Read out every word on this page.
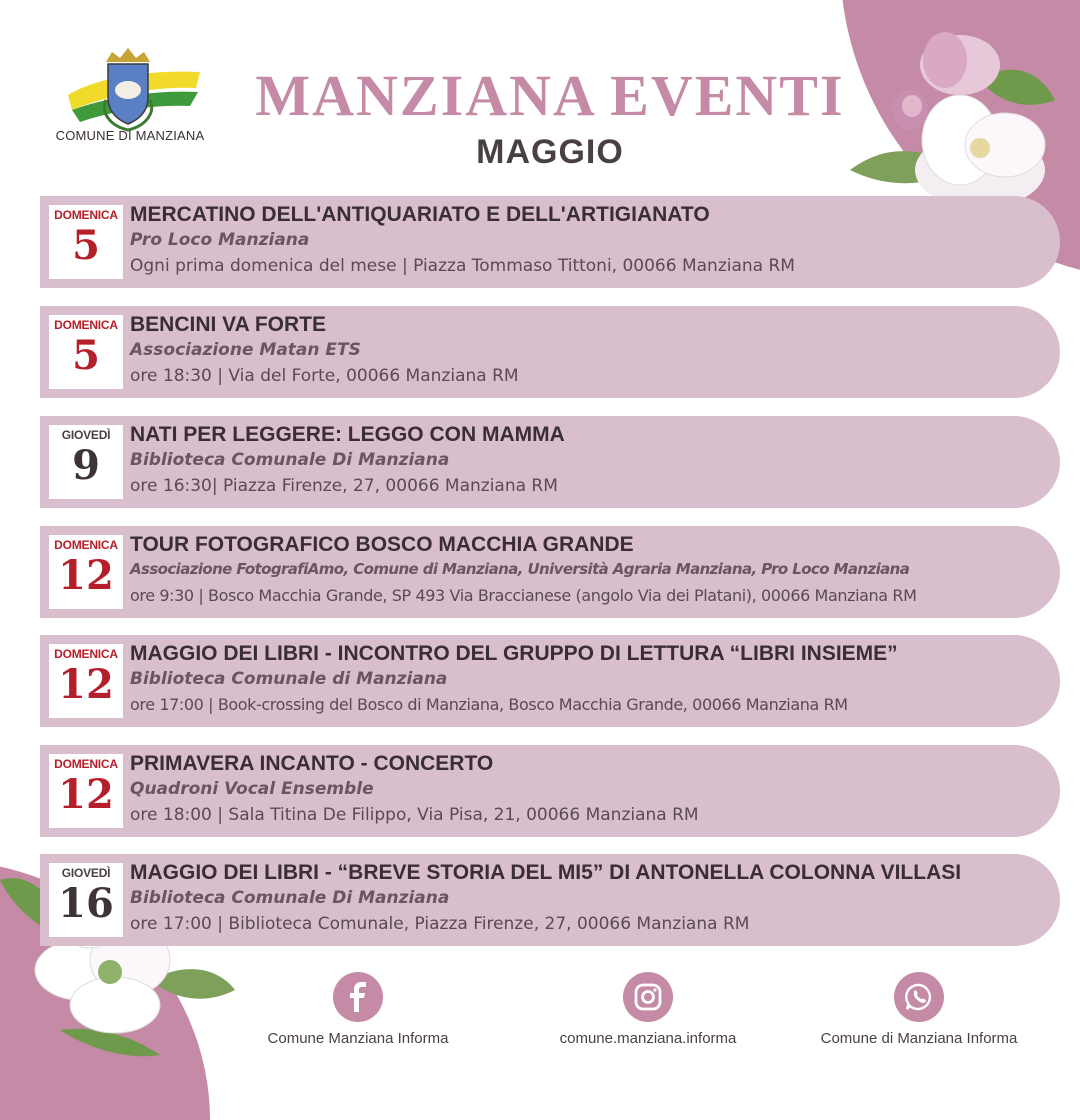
COMUNE DI MANZIANA
MANZIANA EVENTI
MAGGIO
DOMENICA
5
MERCATINO DELL'ANTIQUARIATO E DELL'ARTIGIANATO
Pro Loco Manziana
Ogni prima domenica del mese | Piazza Tommaso Tittoni, 00066 Manziana RM
DOMENICA
5
BENCINI VA FORTE
Associazione Matan ETS
ore 18:30 | Via del Forte, 00066 Manziana RM
GIOVEDÌ
9
NATI PER LEGGERE: LEGGO CON MAMMA
Biblioteca Comunale Di Manziana
ore 16:30| Piazza Firenze, 27, 00066 Manziana RM
DOMENICA
12
TOUR FOTOGRAFICO BOSCO MACCHIA GRANDE
Associazione FotografiAmo, Comune di Manziana, Università Agraria Manziana, Pro Loco Manziana
ore 9:30 | Bosco Macchia Grande, SP 493 Via Braccianese (angolo Via dei Platani), 00066 Manziana RM
DOMENICA
12
MAGGIO DEI LIBRI - INCONTRO DEL GRUPPO DI LETTURA “LIBRI INSIEME”
Biblioteca Comunale di Manziana
ore 17:00 | Book-crossing del Bosco di Manziana, Bosco Macchia Grande, 00066 Manziana RM
DOMENICA
12
PRIMAVERA INCANTO - CONCERTO
Quadroni Vocal Ensemble
ore 18:00 | Sala Titina De Filippo, Via Pisa, 21, 00066 Manziana RM
GIOVEDÌ
16
MAGGIO DEI LIBRI - “BREVE STORIA DEL MI5” DI ANTONELLA COLONNA VILLASI
Biblioteca Comunale Di Manziana
ore 17:00 | Biblioteca Comunale, Piazza Firenze, 27, 00066 Manziana RM
Comune Manziana Informa	comune.manziana.informa	Comune di Manziana Informa
